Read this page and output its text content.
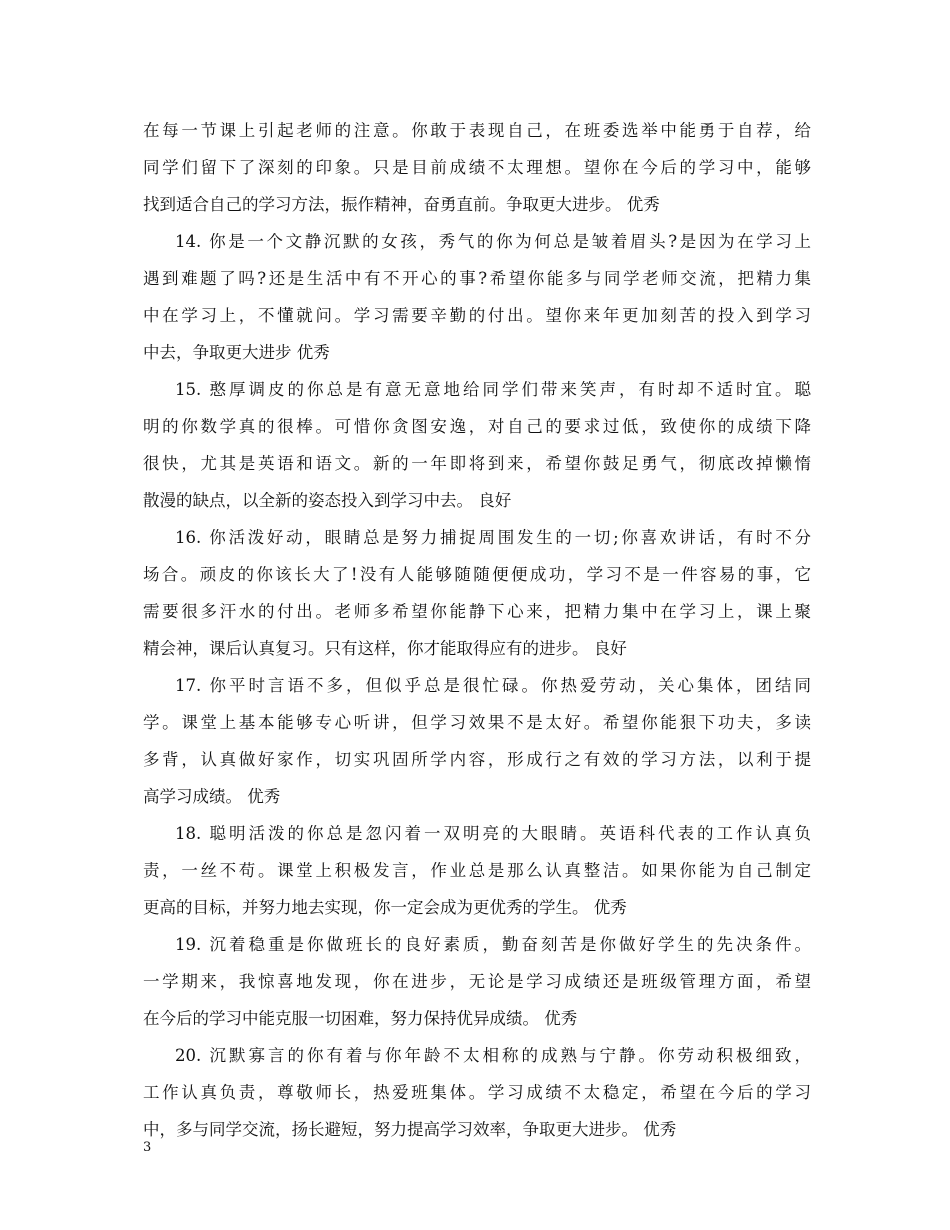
在每一节课上引起老师的注意。你敢于表现自己，在班委选举中能勇于自荐，给
同学们留下了深刻的印象。只是目前成绩不太理想。望你在今后的学习中，能够
找到适合自己的学习方法，振作精神，奋勇直前。争取更大进步。 优秀
14. 你是一个文静沉默的女孩，秀气的你为何总是皱着眉头?是因为在学习上
遇到难题了吗?还是生活中有不开心的事?希望你能多与同学老师交流，把精力集
中在学习上，不懂就问。学习需要辛勤的付出。望你来年更加刻苦的投入到学习
中去，争取更大进步 优秀
15. 憨厚调皮的你总是有意无意地给同学们带来笑声，有时却不适时宜。聪
明的你数学真的很棒。可惜你贪图安逸，对自己的要求过低，致使你的成绩下降
很快，尤其是英语和语文。新的一年即将到来，希望你鼓足勇气，彻底改掉懒惰
散漫的缺点，以全新的姿态投入到学习中去。 良好
16. 你活泼好动，眼睛总是努力捕捉周围发生的一切;你喜欢讲话，有时不分
场合。顽皮的你该长大了!没有人能够随随便便成功，学习不是一件容易的事，它
需要很多汗水的付出。老师多希望你能静下心来，把精力集中在学习上，课上聚
精会神，课后认真复习。只有这样，你才能取得应有的进步。 良好
17. 你平时言语不多，但似乎总是很忙碌。你热爱劳动，关心集体，团结同
学。课堂上基本能够专心听讲，但学习效果不是太好。希望你能狠下功夫，多读
多背，认真做好家作，切实巩固所学内容，形成行之有效的学习方法，以利于提
高学习成绩。 优秀
18. 聪明活泼的你总是忽闪着一双明亮的大眼睛。英语科代表的工作认真负
责，一丝不苟。课堂上积极发言，作业总是那么认真整洁。如果你能为自己制定
更高的目标，并努力地去实现，你一定会成为更优秀的学生。 优秀
19. 沉着稳重是你做班长的良好素质，勤奋刻苦是你做好学生的先决条件。
一学期来，我惊喜地发现，你在进步，无论是学习成绩还是班级管理方面，希望
在今后的学习中能克服一切困难，努力保持优异成绩。 优秀
20. 沉默寡言的你有着与你年龄不太相称的成熟与宁静。你劳动积极细致，
工作认真负责，尊敬师长，热爱班集体。学习成绩不太稳定，希望在今后的学习
中，多与同学交流，扬长避短，努力提高学习效率，争取更大进步。 优秀
3
